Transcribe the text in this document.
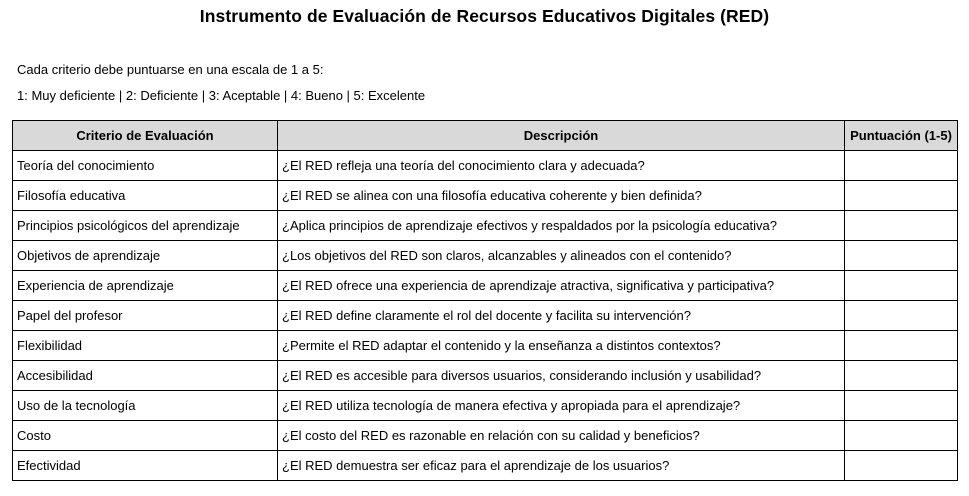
Instrumento de Evaluación de Recursos Educativos Digitales (RED)
Cada criterio debe puntuarse en una escala de 1 a 5:
1: Muy deficiente | 2: Deficiente | 3: Aceptable | 4: Bueno | 5: Excelente
Criterio de Evaluación	Descripción	Puntuación (1-5)
Teoría del conocimiento	¿El RED refleja una teoría del conocimiento clara y adecuada?	
Filosofía educativa	¿El RED se alinea con una filosofía educativa coherente y bien definida?	
Principios psicológicos del aprendizaje	¿Aplica principios de aprendizaje efectivos y respaldados por la psicología educativa?	
Objetivos de aprendizaje	¿Los objetivos del RED son claros, alcanzables y alineados con el contenido?	
Experiencia de aprendizaje	¿El RED ofrece una experiencia de aprendizaje atractiva, significativa y participativa?	
Papel del profesor	¿El RED define claramente el rol del docente y facilita su intervención?	
Flexibilidad	¿Permite el RED adaptar el contenido y la enseñanza a distintos contextos?	
Accesibilidad	¿El RED es accesible para diversos usuarios, considerando inclusión y usabilidad?	
Uso de la tecnología	¿El RED utiliza tecnología de manera efectiva y apropiada para el aprendizaje?	
Costo	¿El costo del RED es razonable en relación con su calidad y beneficios?	
Efectividad	¿El RED demuestra ser eficaz para el aprendizaje de los usuarios?	
